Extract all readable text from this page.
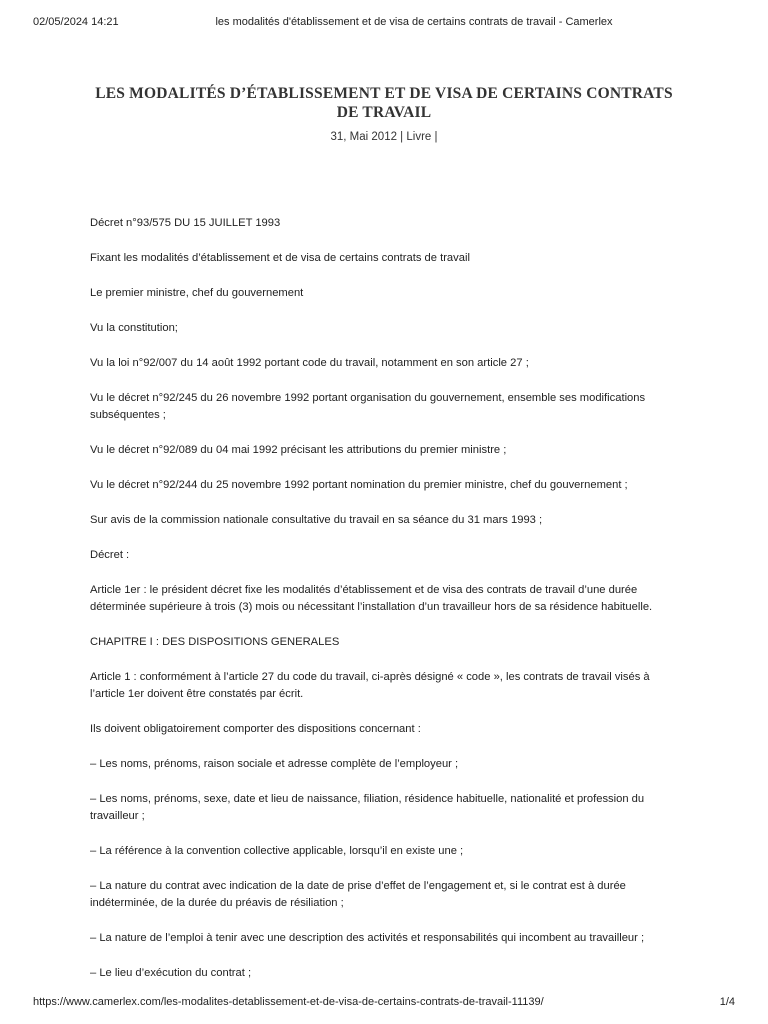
02/05/2024 14:21	les modalités d'établissement et de visa de certains contrats de travail - Camerlex
LES MODALITÉS D’ÉTABLISSEMENT ET DE VISA DE CERTAINS CONTRATS DE TRAVAIL
31, Mai 2012 | Livre |

Décret n°93/575 DU 15 JUILLET 1993

Fixant les modalités d’établissement et de visa de certains contrats de travail

Le premier ministre, chef du gouvernement

Vu la constitution;

Vu la loi n°92/007 du 14 août 1992 portant code du travail, notamment en son article 27 ;

Vu le décret n°92/245 du 26 novembre 1992 portant organisation du gouvernement, ensemble ses modifications subséquentes ;

Vu le décret n°92/089 du 04 mai 1992 précisant les attributions du premier ministre ;

Vu le décret n°92/244 du 25 novembre 1992 portant nomination du premier ministre, chef du gouvernement ;

Sur avis de la commission nationale consultative du travail en sa séance du 31 mars 1993 ;

Décret :

Article 1er : le président décret fixe les modalités d’établissement et de visa des contrats de travail d’une durée déterminée supérieure à trois (3) mois ou nécessitant l’installation d’un travailleur hors de sa résidence habituelle.

CHAPITRE I : DES DISPOSITIONS GENERALES

Article 1 : conformément à l’article 27 du code du travail, ci-après désigné « code », les contrats de travail visés à l’article 1er doivent être constatés par écrit.

Ils doivent obligatoirement comporter des dispositions concernant :

– Les noms, prénoms, raison sociale et adresse complète de l’employeur ;

– Les noms, prénoms, sexe, date et lieu de naissance, filiation, résidence habituelle, nationalité et profession du travailleur ;

– La référence à la convention collective applicable, lorsqu’il en existe une ;

– La nature du contrat avec indication de la date de prise d’effet de l’engagement et, si le contrat est à durée indéterminée, de la durée du préavis de résiliation ;

– La nature de l’emploi à tenir avec une description des activités et responsabilités qui incombent au travailleur ;

– Le lieu d’exécution du contrat ;

https://www.camerlex.com/les-modalites-detablissement-et-de-visa-de-certains-contrats-de-travail-11139/	1/4
